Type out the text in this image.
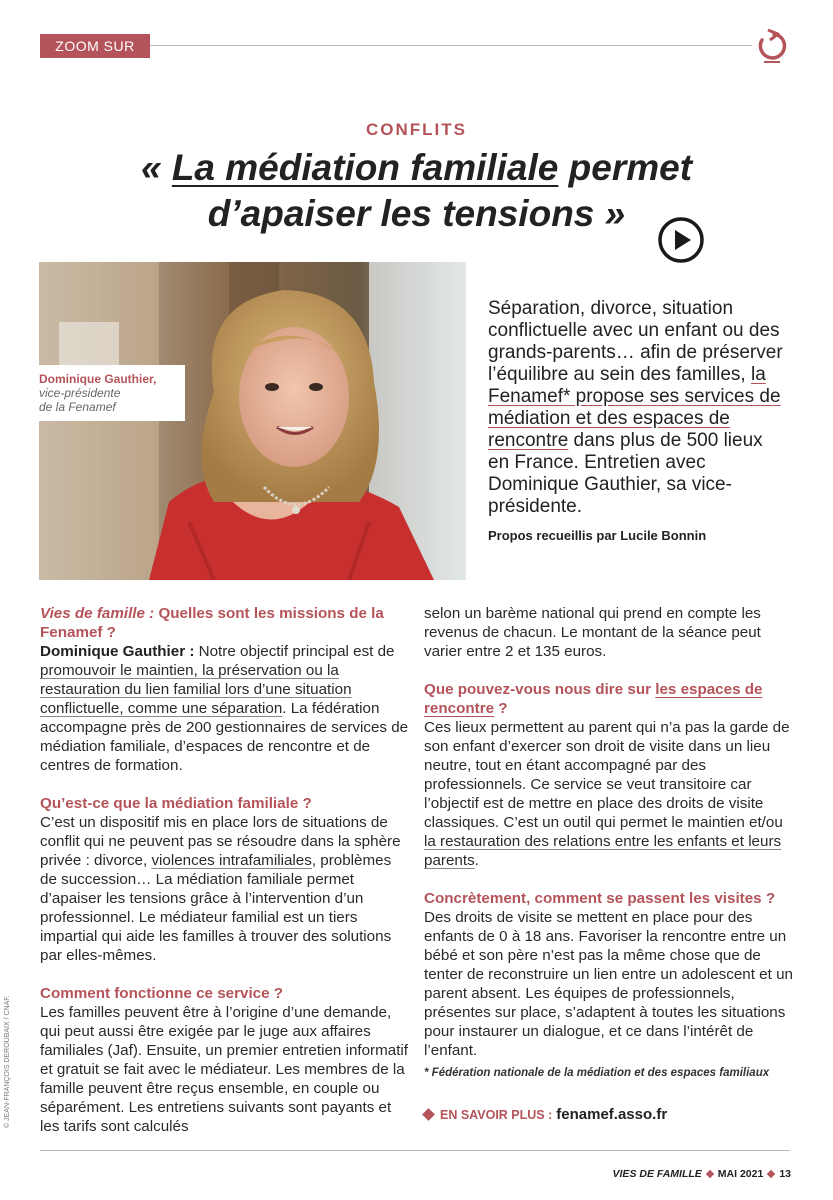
ZOOM SUR
CONFLITS
« La médiation familiale permet
d’apaiser les tensions »
Dominique Gauthier,
vice-présidente
de la Fenamef
Séparation, divorce, situation conflictuelle avec un enfant ou des grands-parents… afin de préserver l’équilibre au sein des familles, la Fenamef* propose ses services de médiation et des espaces de rencontre dans plus de 500 lieux en France. Entretien avec Dominique Gauthier, sa vice-présidente.
Propos recueillis par Lucile Bonnin
Vies de famille : Quelles sont les missions de la Fenamef ?
Dominique Gauthier : Notre objectif principal est de promouvoir le maintien, la préservation ou la restauration du lien familial lors d’une situation conflictuelle, comme une séparation. La fédération accompagne près de 200 gestionnaires de services de médiation familiale, d’espaces de rencontre et de centres de formation.
Qu’est-ce que la médiation familiale ?
C’est un dispositif mis en place lors de situations de conflit qui ne peuvent pas se résoudre dans la sphère privée : divorce, violences intrafamiliales, problèmes de succession… La médiation familiale permet d’apaiser les tensions grâce à l’intervention d’un professionnel. Le médiateur familial est un tiers impartial qui aide les familles à trouver des solutions par elles-mêmes.
Comment fonctionne ce service ?
Les familles peuvent être à l’origine d’une demande, qui peut aussi être exigée par le juge aux affaires familiales (Jaf). Ensuite, un premier entretien informatif et gratuit se fait avec le médiateur. Les membres de la famille peuvent être reçus ensemble, en couple ou séparément. Les entretiens suivants sont payants et les tarifs sont calculés
selon un barème national qui prend en compte les revenus de chacun. Le montant de la séance peut varier entre 2 et 135 euros.
Que pouvez-vous nous dire sur les espaces de rencontre ?
Ces lieux permettent au parent qui n’a pas la garde de son enfant d’exercer son droit de visite dans un lieu neutre, tout en étant accompagné par des professionnels. Ce service se veut transitoire car l’objectif est de mettre en place des droits de visite classiques. C’est un outil qui permet le maintien et/ou la restauration des relations entre les enfants et leurs parents.
Concrètement, comment se passent les visites ?
Des droits de visite se mettent en place pour des enfants de 0 à 18 ans. Favoriser la rencontre entre un bébé et son père n’est pas la même chose que de tenter de reconstruire un lien entre un adolescent et un parent absent. Les équipes de professionnels, présentes sur place, s’adaptent à toutes les situations pour instaurer un dialogue, et ce dans l’intérêt de l’enfant.
* Fédération nationale de la médiation et des espaces familiaux
EN SAVOIR PLUS : fenamef.asso.fr
© JEAN-FRANÇOIS DEROUBAIX / CNAF.
VIES DE FAMILLE MAI 2021 13
